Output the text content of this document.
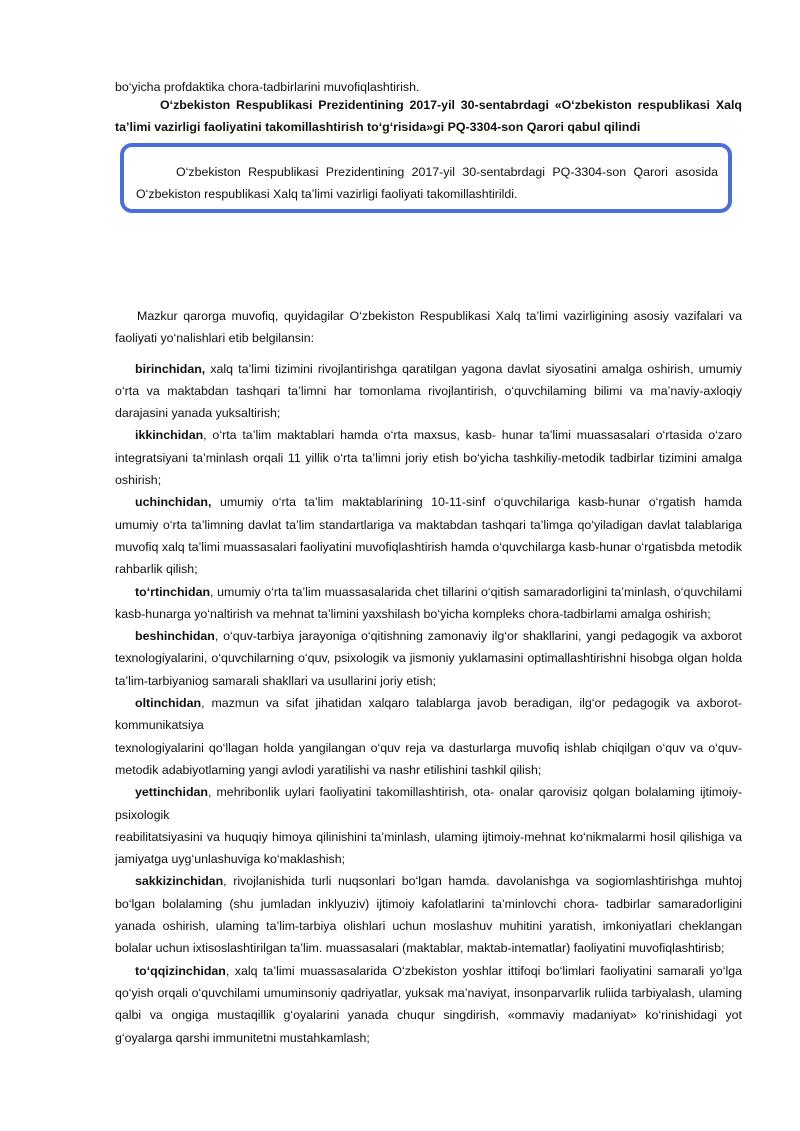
bo‘yicha profdaktika chora-tadbirlarini muvofiqlashtirish.
O‘zbekiston Respublikasi Prezidentining 2017-yil 30-sentabrdagi «O‘zbekiston respublikasi Xalq ta’limi vazirligi faoliyatini takomillashtirish to‘g‘risida»gi PQ-3304-son Qarori qabul qilindi
O‘zbekiston Respublikasi Prezidentining 2017-yil 30-sentabrdagi PQ-3304-son Qarori asosida O‘zbekiston respublikasi Xalq ta’limi vazirligi faoliyati takomillashtirildi.

Mazkur qarorga muvofiq, quyidagilar O‘zbekiston Respublikasi Xalq ta’limi vazirligining asosiy vazifalari va faoliyati yo‘nalishlari etib belgilansin:

birinchidan, xalq ta’limi tizimini rivojlantirishga qaratilgan yagona davlat siyosatini amalga oshirish, umumiy o‘rta va maktabdan tashqari ta’limni har tomonlama rivojlantirish, o‘quvchilaming bilimi va ma’naviy-axloqiy darajasini yanada yuksaltirish;

ikkinchidan, o‘rta ta’lim maktablari hamda o‘rta maxsus, kasb- hunar ta’limi muassasalari o‘rtasida o‘zaro integratsiyani ta’minlash orqali 11 yillik o‘rta ta’limni joriy etish bo‘yicha tashkiliy-metodik tadbirlar tizimini amalga oshirish;

uchinchidan, umumiy o‘rta ta’lim maktablarining 10-11-sinf o‘quvchilariga kasb-hunar o‘rgatish hamda umumiy o‘rta ta’limning davlat ta’lim standartlariga va maktabdan tashqari ta’limga qo‘yiladigan davlat talablariga muvofiq xalq ta’limi muassasalari faoliyatini muvofiqlashtirish hamda o‘quvchilarga kasb-hunar o‘rgatisbda metodik rahbarlik qilish;

to‘rtinchidan, umumiy o‘rta ta’lim muassasalarida chet tillarini o‘qitish samaradorligini ta’minlash, o‘quvchilami kasb-hunarga yo‘naltirish va mehnat ta’limini yaxshilash bo‘yicha kompleks chora-tadbirlami amalga oshirish;

beshinchidan, o‘quv-tarbiya jarayoniga o‘qitishning zamonaviy ilg‘or shakllarini, yangi pedagogik va axborot texnologiyalarini, o‘quvchilarning o‘quv, psixologik va jismoniy yuklamasini optimallashtirishni hisobga olgan holda ta’lim-tarbiyaniog samarali shakllari va usullarini joriy etish;

oltinchidan, mazmun va sifat jihatidan xalqaro talablarga javob beradigan, ilg‘or pedagogik va axborot-kommunikatsiya

texnologiyalarini qo‘llagan holda yangilangan o‘quv reja va dasturlarga muvofiq ishlab chiqilgan o‘quv va o‘quv-metodik adabiyotlaming yangi avlodi yaratilishi va nashr etilishini tashkil qilish;

yettinchidan, mehribonlik uylari faoliyatini takomillashtirish, ota- onalar qarovisiz qolgan bolalaming ijtimoiy-psixologik

reabilitatsiyasini va huquqiy himoya qilinishini ta’minlash, ulaming ijtimoiy-mehnat ko‘nikmalarmi hosil qilishiga va jamiyatga uyg‘unlashuviga ko‘maklashish;

sakkizinchidan, rivojlanishida turli nuqsonlari bo‘lgan hamda. davolanishga va sogiomlashtirishga muhtoj bo‘lgan bolalaming (shu jumladan inklyuziv) ijtimoiy kafolatlarini ta’minlovchi chora- tadbirlar samaradorligini yanada oshirish, ulaming ta’lim-tarbiya olishlari uchun moslashuv muhitini yaratish, imkoniyatlari cheklangan bolalar uchun ixtisoslashtirilgan ta’lim. muassasalari (maktablar, maktab-intematlar) faoliyatini muvofiqlashtirisb;

to‘qqizinchidan, xalq ta’limi muassasalarida O‘zbekiston yoshlar ittifoqi bo‘limlari faoliyatini samarali yo‘lga qo‘yish orqali o‘quvchilami umuminsoniy qadriyatlar, yuksak ma’naviyat, insonparvarlik ruliida tarbiyalash, ulaming qalbi va ongiga mustaqillik g‘oyalarini yanada chuqur singdirish, «ommaviy madaniyat» ko‘rinishidagi yot g‘oyalarga qarshi immunitetni mustahkamlash;
